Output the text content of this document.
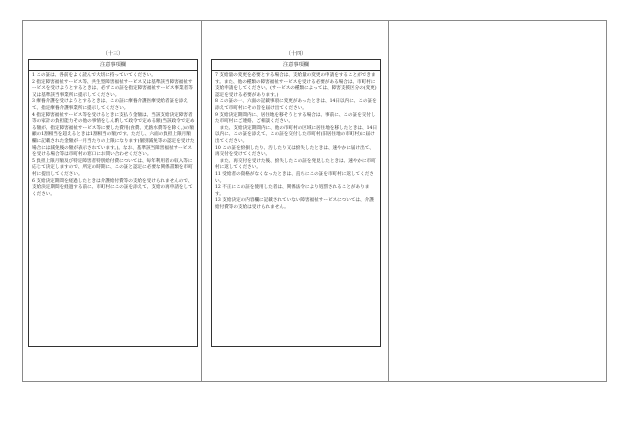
（十三）
注意事項欄

1 この証は、各前をよく読んで大切に持っていてください。

2 指定障害福祉サービス等、共生型障害福祉サービス又は基準該当障害福祉サービスを受けようとするときは、必ずこの証を指定障害福祉サービス事業者等又は基準該当事業所に提示してください。

3 療養介護を受けようとするときは、この証に療養介護医療受給者証を添えて、指定療養介護事業所に提示してください。

4 指定障害福祉サービス等を受けるときに支払う金額は、当該支給決定障害者等の家計の負担能力その他の事情をしん酌して政令で定める額(当該政令で定める額が、指定障害福祉サービス等に要した費用(食費、光熱水費等を除く。)の額顧の1割相当を超えるときは1割相当の額)です。ただし、六面の負担上限月額欄に記載された金額が一月当たりの上限になります(個別減免等の認定を受けた場合には減免後の額が表示されています。)。なお、基準該当障害福祉サービスを受ける場合等は市町村の窓口にお問い合わせください。

5 負担上限月額及び特定障害者特別給付費については、毎年利用者の収入等に応じて決定しますので、所定の時期に、この証と認定に必要な関係書類を市町村に提出してください。

6 支給決定期間を経過したときは介護給付費等の支給を受けられませんので、支給決定期間を経過する前に、市町村にこの証を添えて、支給の再申請をしてください。

（十四）
注意事項欄

7 支給量の変更を必要とする場合は、支給量の変更の申請をすることができます。また、他の種類の障害福祉サービスを受ける必要がある場合は、市町村に支給申請をしてください。(サービスの種類によっては、障害支援区分の(変更)認定を受ける必要があります。)

8 この証の一、六面の記載事項に変更があったときは、14日以内に、この証を添えて市町村にその旨を届け出てください。

9 支給決定期間内に、居住地を移そうとする場合は、事前に、この証を交付した市町村にご連絡、ご相談ください。

また、支給決定期間内に、他の市町村の区域に居住地を移したときは、14日以内に、この証を添えて、この証を交付した市町村(旧居住地の市町村)に届け出てください。

10 この証を紛損したり、汚したり又は紛失したときは、速やかに届け出て、再交付を受けてください。

また、再交付を受けた後、紛失したこの証を発見したときは、速やかに市町村に返してください。

11 受給者の資格がなくなったときは、直ちにこの証を市町村に返してください。

12 不正にこの証を使用した者は、関係法令により処罰されることがあります。

13 支給決定の内容欄に記載されていない障害福祉サービスについては、介護給付費等の支給は受けられません。
